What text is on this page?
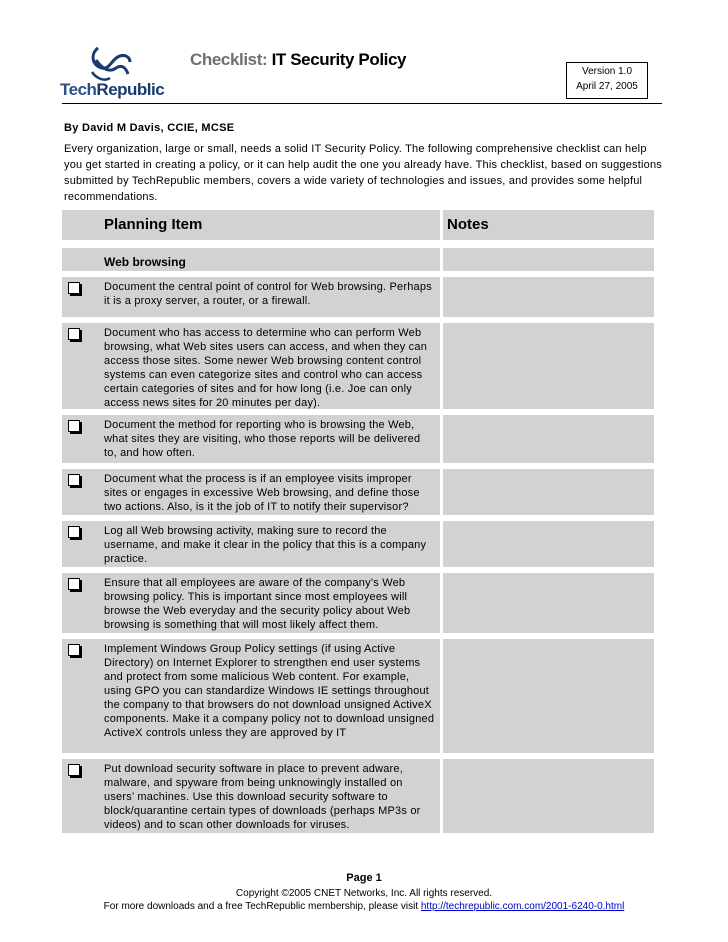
TechRepublic
Checklist: IT Security Policy
Version 1.0
April 27, 2005
By David M Davis, CCIE, MCSE
Every organization, large or small, needs a solid IT Security Policy. The following comprehensive checklist can help you get started in creating a policy, or it can help audit the one you already have. This checklist, based on suggestions submitted by TechRepublic members, covers a wide variety of technologies and issues, and provides some helpful recommendations.
Planning Item	Notes
Web browsing
Document the central point of control for Web browsing. Perhaps it is a proxy server, a router, or a firewall.
Document who has access to determine who can perform Web browsing, what Web sites users can access, and when they can access those sites. Some newer Web browsing content control systems can even categorize sites and control who can access certain categories of sites and for how long (i.e. Joe can only access news sites for 20 minutes per day).
Document the method for reporting who is browsing the Web, what sites they are visiting, who those reports will be delivered to, and how often.
Document what the process is if an employee visits improper sites or engages in excessive Web browsing, and define those two actions. Also, is it the job of IT to notify their supervisor?
Log all Web browsing activity, making sure to record the username, and make it clear in the policy that this is a company practice.
Ensure that all employees are aware of the company’s Web browsing policy. This is important since most employees will browse the Web everyday and the security policy about Web browsing is something that will most likely affect them.
Implement Windows Group Policy settings (if using Active Directory) on Internet Explorer to strengthen end user systems and protect from some malicious Web content. For example, using GPO you can standardize Windows IE settings throughout the company to that browsers do not download unsigned ActiveX components. Make it a company policy not to download unsigned ActiveX controls unless they are approved by IT
Put download security software in place to prevent adware, malware, and spyware from being unknowingly installed on users’ machines. Use this download security software to block/quarantine certain types of downloads (perhaps MP3s or videos) and to scan other downloads for viruses.
Page 1
Copyright ©2005 CNET Networks, Inc. All rights reserved.
For more downloads and a free TechRepublic membership, please visit http://techrepublic.com.com/2001-6240-0.html
